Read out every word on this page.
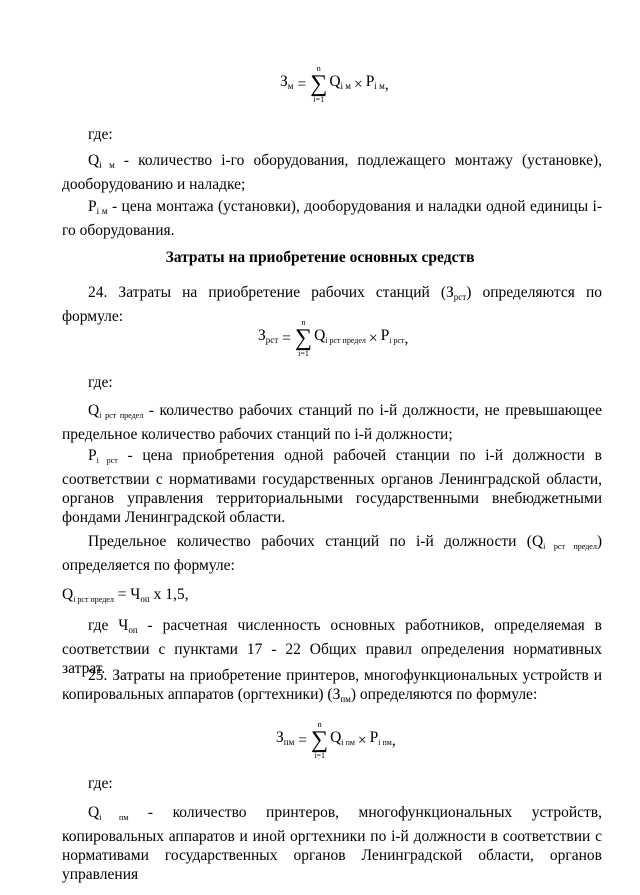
$З_м$ =
n
∑
i=1
$Q_{i м} \times P_{i м}$ ,
где:
$Q_{i м}$ - количество i-го оборудования, подлежащего монтажу (установке), дооборудованию и наладке;
$P_{i м}$ - цена монтажа (установки), дооборудования и наладки одной единицы i-го оборудования.
Затраты на приобретение основных средств
24. Затраты на приобретение рабочих станций $(З_{рст})$ определяются по формуле:
$З_{рст}$ =
n
∑
i=1
$Q_{i рст предел} \times P_{i рст}$ ,
где:
$Q_{i рст предел}$ - количество рабочих станций по i-й должности, не превышающее предельное количество рабочих станций по i-й должности;
$P_{i рст}$ - цена приобретения одной рабочей станции по i-й должности в соответствии с нормативами государственных органов Ленинградской области, органов управления территориальными государственными внебюджетными фондами Ленинградской области.
Предельное количество рабочих станций по i-й должности $(Q_{i рст предел})$ определяется по формуле:
$Q_{i рст предел} = Ч_{оп}$ х 1,5,
где $Ч_{оп}$ - расчетная численность основных работников, определяемая в соответствии с пунктами 17 - 22 Общих правил определения нормативных затрат.
25. Затраты на приобретение принтеров, многофункциональных устройств и копировальных аппаратов (оргтехники) $(З_{пм})$ определяются по формуле:
$З_{пм}$ =
n
∑
i=1
$Q_{i пм} \times P_{i пм}$ ,
где:
$Q_{i пм}$ - количество принтеров, многофункциональных устройств, копировальных аппаратов и иной оргтехники по i-й должности в соответствии с нормативами государственных органов Ленинградской области, органов управления
